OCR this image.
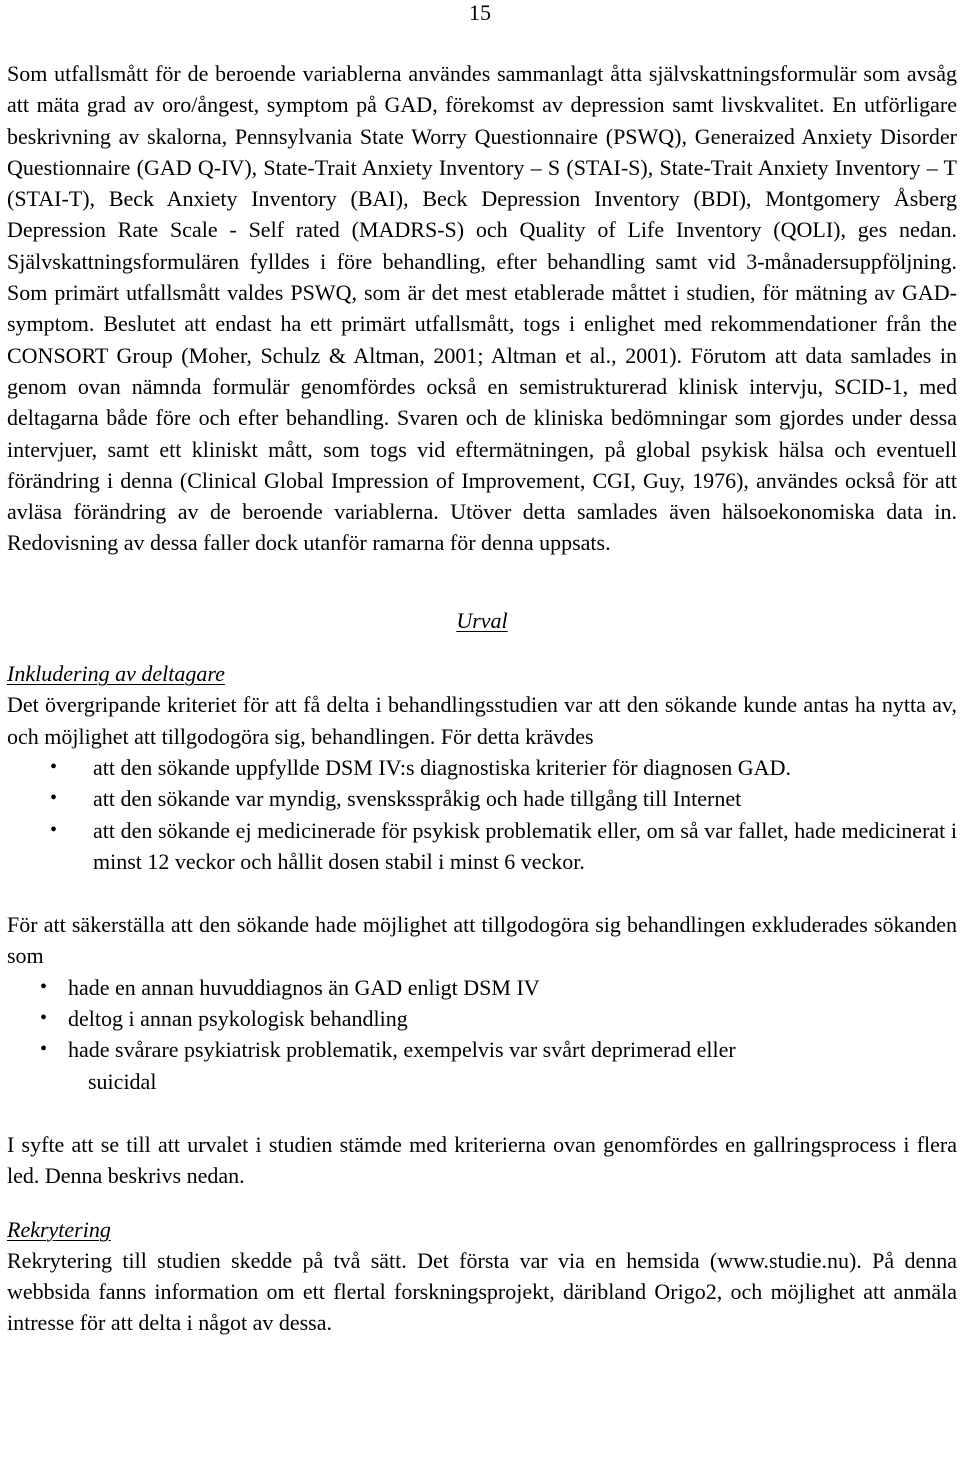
15

Som utfallsmått för de beroende variablerna användes sammanlagt åtta självskattningsformulär som avsåg att mäta grad av oro/ångest, symptom på GAD, förekomst av depression samt livskvalitet. En utförligare beskrivning av skalorna, Pennsylvania State Worry Questionnaire (PSWQ), Generaized Anxiety Disorder Questionnaire (GAD Q-IV), State-Trait Anxiety Inventory – S (STAI-S), State-Trait Anxiety Inventory – T (STAI-T), Beck Anxiety Inventory (BAI), Beck Depression Inventory (BDI), Montgomery Åsberg Depression Rate Scale - Self rated (MADRS-S) och Quality of Life Inventory (QOLI), ges nedan. Självskattningsformulären fylldes i före behandling, efter behandling samt vid 3-månadersuppföljning. Som primärt utfallsmått valdes PSWQ, som är det mest etablerade måttet i studien, för mätning av GAD-symptom. Beslutet att endast ha ett primärt utfallsmått, togs i enlighet med rekommendationer från the CONSORT Group (Moher, Schulz & Altman, 2001; Altman et al., 2001). Förutom att data samlades in genom ovan nämnda formulär genomfördes också en semistrukturerad klinisk intervju, SCID-1, med deltagarna både före och efter behandling. Svaren och de kliniska bedömningar som gjordes under dessa intervjuer, samt ett kliniskt mått, som togs vid eftermätningen, på global psykisk hälsa och eventuell förändring i denna (Clinical Global Impression of Improvement, CGI, Guy, 1976), användes också för att avläsa förändring av de beroende variablerna. Utöver detta samlades även hälsoekonomiska data in. Redovisning av dessa faller dock utanför ramarna för denna uppsats.

Urval

Inkludering av deltagare

Det övergripande kriteriet för att få delta i behandlingsstudien var att den sökande kunde antas ha nytta av, och möjlighet att tillgodogöra sig, behandlingen. För detta krävdes

• att den sökande uppfyllde DSM IV:s diagnostiska kriterier för diagnosen GAD.
• att den sökande var myndig, svensksspråkig och hade tillgång till Internet
• att den sökande ej medicinerade för psykisk problematik eller, om så var fallet, hade medicinerat i minst 12 veckor och hållit dosen stabil i minst 6 veckor.

För att säkerställa att den sökande hade möjlighet att tillgodogöra sig behandlingen exkluderades sökanden som

• hade en annan huvuddiagnos än GAD enligt DSM IV
• deltog i annan psykologisk behandling
• hade svårare psykiatrisk problematik, exempelvis var svårt deprimerad eller
suicidal

I syfte att se till att urvalet i studien stämde med kriterierna ovan genomfördes en gallringsprocess i flera led. Denna beskrivs nedan.

Rekrytering

Rekrytering till studien skedde på två sätt. Det första var via en hemsida (www.studie.nu). På denna webbsida fanns information om ett flertal forskningsprojekt, däribland Origo2, och möjlighet att anmäla intresse för att delta i något av dessa.
